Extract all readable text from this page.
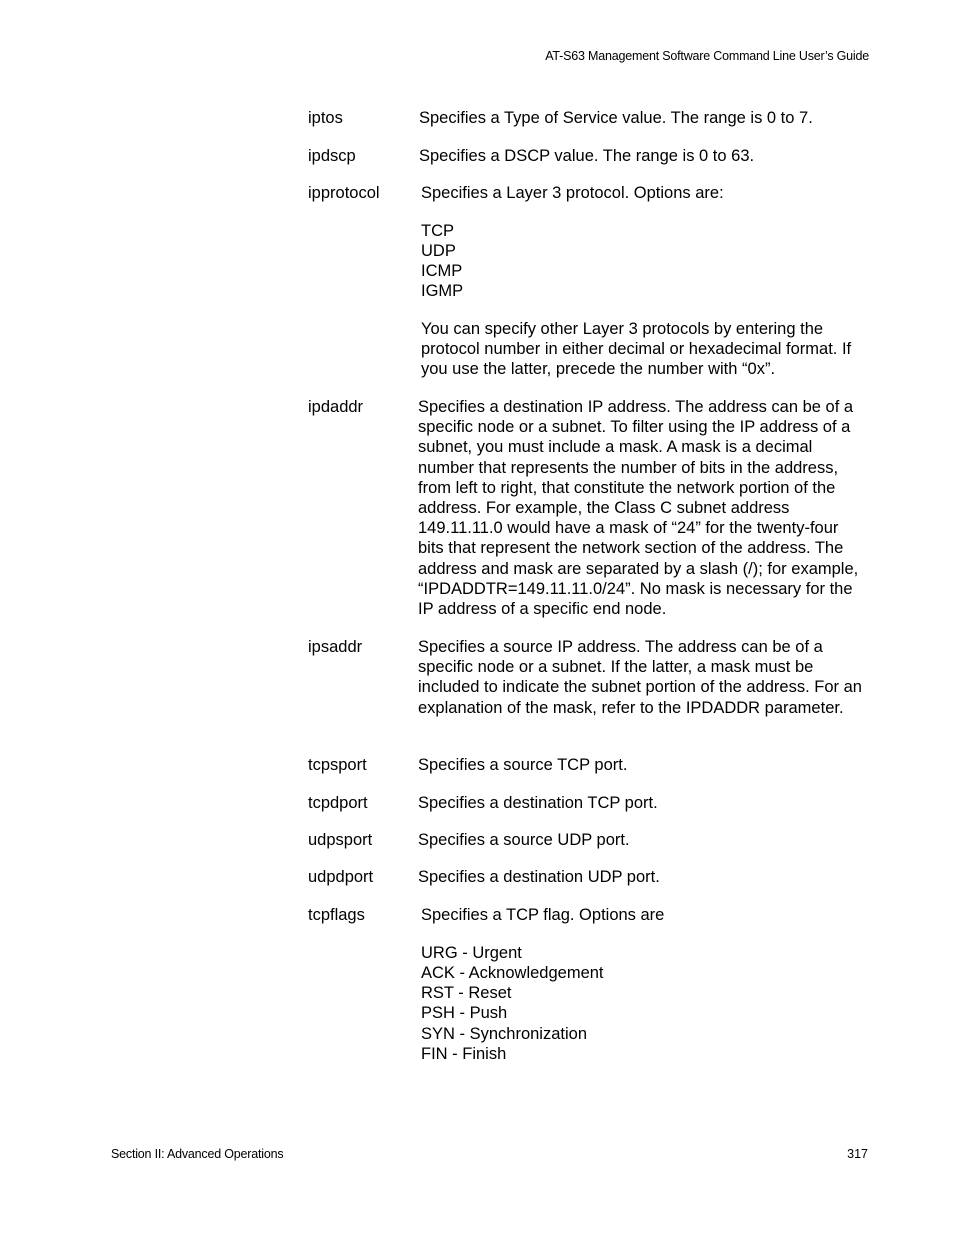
AT-S63 Management Software Command Line User’s Guide
iptos	Specifies a Type of Service value. The range is 0 to 7.

ipdscp	Specifies a DSCP value. The range is 0 to 63.

ipprotocol	Specifies a Layer 3 protocol. Options are:

TCP

UDP

ICMP

IGMP

You can specify other Layer 3 protocols by entering the protocol number in either decimal or hexadecimal format. If you use the latter, precede the number with “0x”.

ipdaddr	Specifies a destination IP address. The address can be of a specific node or a subnet. To filter using the IP address of a subnet, you must include a mask. A mask is a decimal number that represents the number of bits in the address, from left to right, that constitute the network portion of the address. For example, the Class C subnet address 149.11.11.0 would have a mask of “24” for the twenty-four bits that represent the network section of the address. The address and mask are separated by a slash (/); for example, “IPDADDTR=149.11.11.0/24”. No mask is necessary for the IP address of a specific end node.

ipsaddr	Specifies a source IP address. The address can be of a specific node or a subnet. If the latter, a mask must be included to indicate the subnet portion of the address. For an explanation of the mask, refer to the IPDADDR parameter.

tcpsport	Specifies a source TCP port.

tcpdport	Specifies a destination TCP port.

udpsport	Specifies a source UDP port.

udpdport	Specifies a destination UDP port.

tcpflags	Specifies a TCP flag. Options are

URG - Urgent

ACK - Acknowledgement

RST - Reset

PSH - Push

SYN - Synchronization

FIN - Finish

Section II: Advanced Operations	317
